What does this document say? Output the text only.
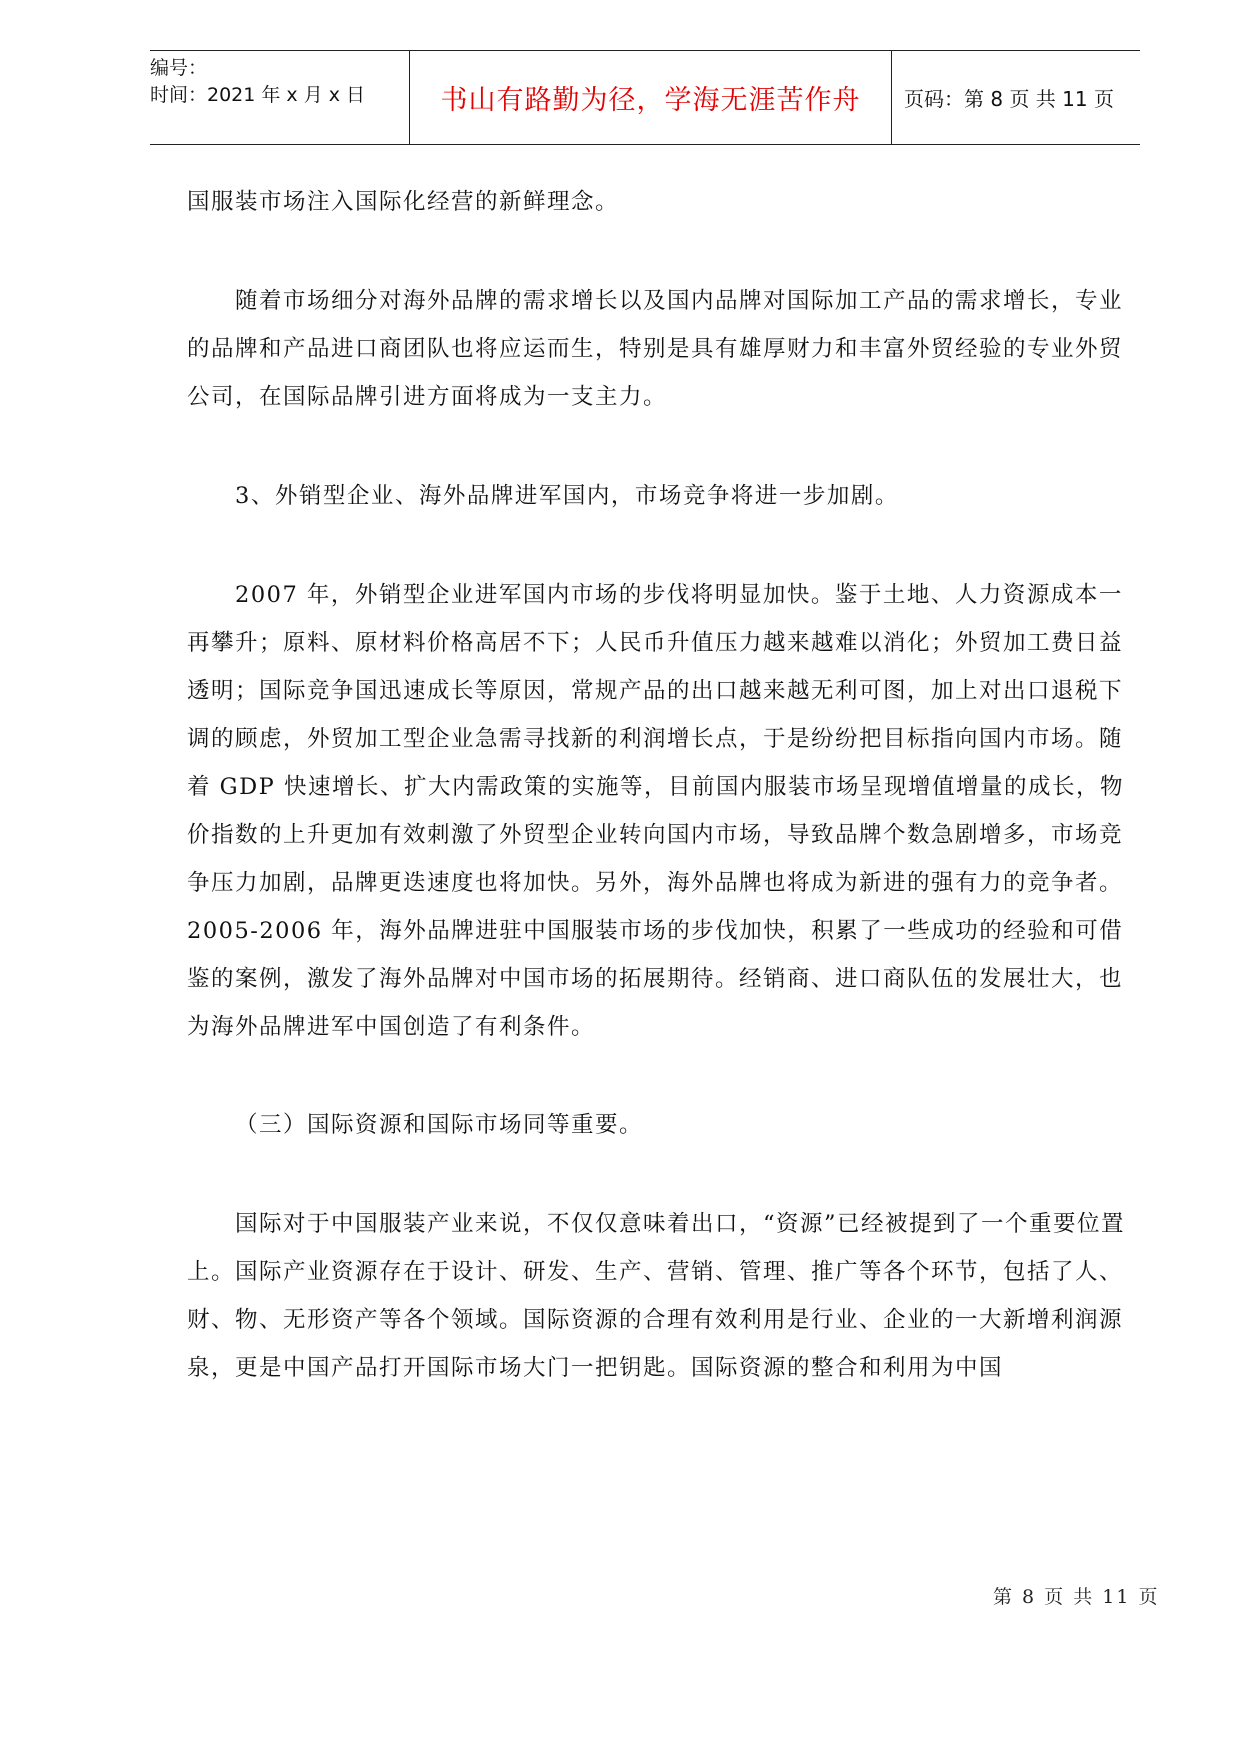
编号：
时间：2021 年 x 月 x 日	书山有路勤为径，学海无涯苦作舟 页码：第 8 页 共 11 页

国服装市场注入国际化经营的新鲜理念。

随着市场细分对海外品牌的需求增长以及国内品牌对国际加工产品的需求增长，专业的品牌和产品进口商团队也将应运而生，特别是具有雄厚财力和丰富外贸经验的专业外贸公司，在国际品牌引进方面将成为一支主力。

3、外销型企业、海外品牌进军国内，市场竞争将进一步加剧。

2007 年，外销型企业进军国内市场的步伐将明显加快。鉴于土地、人力资源成本一再攀升；原料、原材料价格高居不下；人民币升值压力越来越难以消化；外贸加工费日益透明；国际竞争国迅速成长等原因，常规产品的出口越来越无利可图，加上对出口退税下调的顾虑，外贸加工型企业急需寻找新的利润增长点，于是纷纷把目标指向国内市场。随着 GDP 快速增长、扩大内需政策的实施等，目前国内服装市场呈现增值增量的成长，物价指数的上升更加有效刺激了外贸型企业转向国内市场，导致品牌个数急剧增多，市场竞争压力加剧，品牌更迭速度也将加快。另外，海外品牌也将成为新进的强有力的竞争者。2005-2006 年，海外品牌进驻中国服装市场的步伐加快，积累了一些成功的经验和可借鉴的案例，激发了海外品牌对中国市场的拓展期待。经销商、进口商队伍的发展壮大，也为海外品牌进军中国创造了有利条件。

（三）国际资源和国际市场同等重要。

国际对于中国服装产业来说，不仅仅意味着出口，“资源”已经被提到了一个重要位置上。国际产业资源存在于设计、研发、生产、营销、管理、推广等各个环节，包括了人、财、物、无形资产等各个领域。国际资源的合理有效利用是行业、企业的一大新增利润源泉，更是中国产品打开国际市场大门一把钥匙。国际资源的整合和利用为中国

第 8 页 共 11 页
